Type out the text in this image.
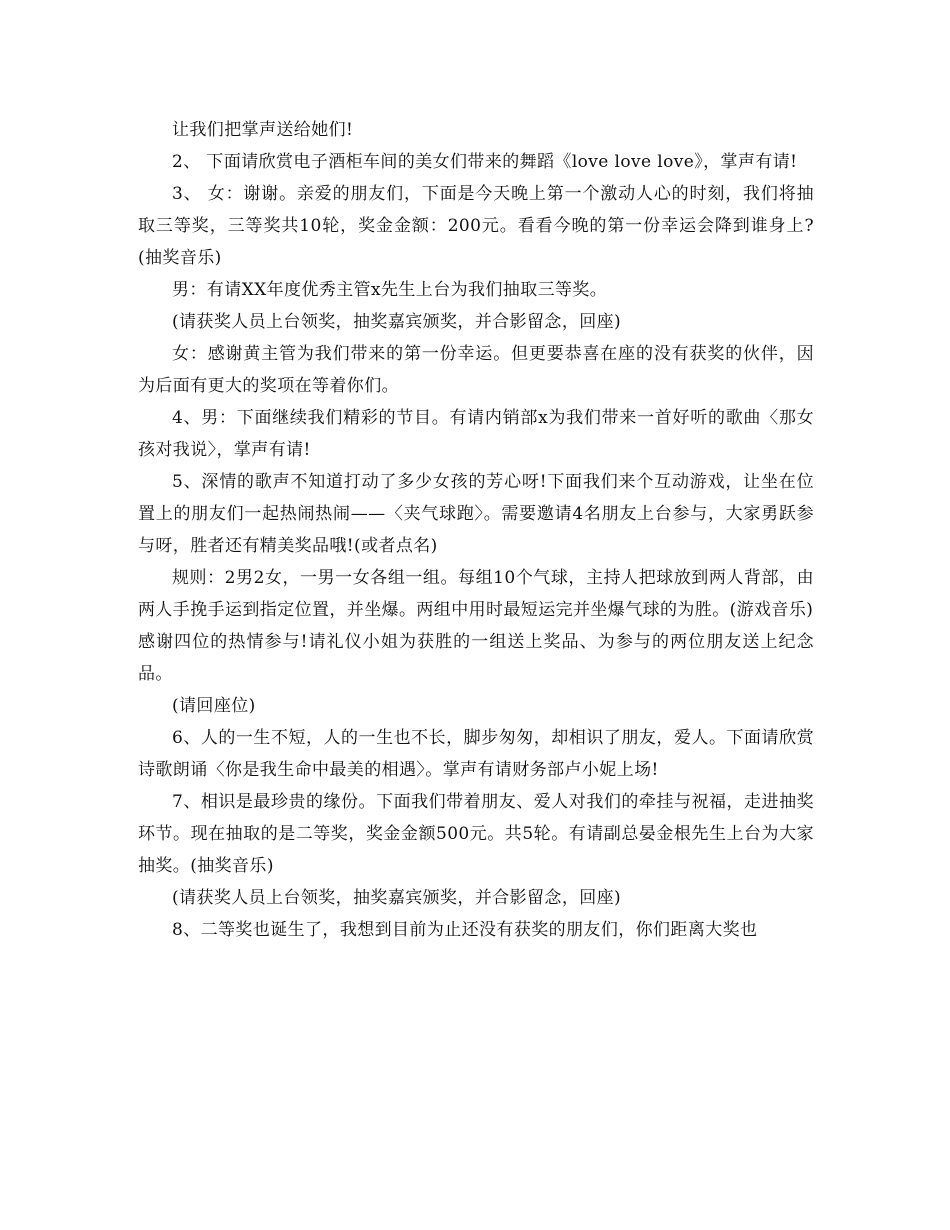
让我们把掌声送给她们!

2、 下面请欣赏电子酒柜车间的美女们带来的舞蹈《love love love》，掌声有请!

3、 女：谢谢。亲爱的朋友们，下面是今天晚上第一个激动人心的时刻，我们将抽取三等奖，三等奖共10轮，奖金金额：200元。看看今晚的第一份幸运会降到谁身上?(抽奖音乐)

男：有请XX年度优秀主管x先生上台为我们抽取三等奖。

(请获奖人员上台领奖，抽奖嘉宾颁奖，并合影留念，回座)

女：感谢黄主管为我们带来的第一份幸运。但更要恭喜在座的没有获奖的伙伴，因为后面有更大的奖项在等着你们。

4、男：下面继续我们精彩的节目。有请内销部x为我们带来一首好听的歌曲〈那女孩对我说〉，掌声有请!

5、深情的歌声不知道打动了多少女孩的芳心呀!下面我们来个互动游戏，让坐在位置上的朋友们一起热闹热闹——〈夹气球跑〉。需要邀请4名朋友上台参与，大家勇跃参与呀，胜者还有精美奖品哦!(或者点名)

规则：2男2女，一男一女各组一组。每组10个气球，主持人把球放到两人背部，由两人手挽手运到指定位置，并坐爆。两组中用时最短运完并坐爆气球的为胜。(游戏音乐)

感谢四位的热情参与!请礼仪小姐为获胜的一组送上奖品、为参与的两位朋友送上纪念品。

(请回座位)

6、人的一生不短，人的一生也不长，脚步匆匆，却相识了朋友，爱人。下面请欣赏诗歌朗诵〈你是我生命中最美的相遇〉。掌声有请财务部卢小妮上场!

7、相识是最珍贵的缘份。下面我们带着朋友、爱人对我们的牵挂与祝福，走进抽奖环节。现在抽取的是二等奖，奖金金额500元。共5轮。有请副总晏金根先生上台为大家抽奖。(抽奖音乐)

(请获奖人员上台领奖，抽奖嘉宾颁奖，并合影留念，回座)

8、二等奖也诞生了，我想到目前为止还没有获奖的朋友们，你们距离大奖也
